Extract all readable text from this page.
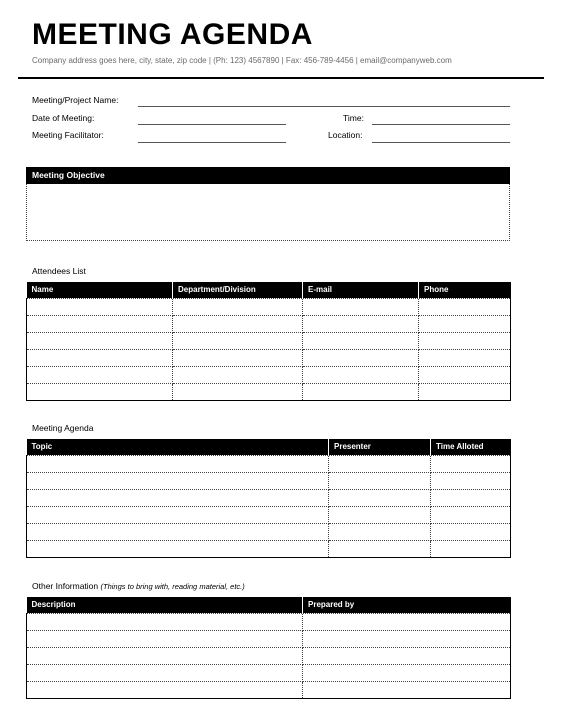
MEETING AGENDA
Company address goes here, city, state, zip code | (Ph: 123) 4567890 | Fax: 456-789-4456 | email@companyweb.com
Meeting/Project Name:
Date of Meeting:	Time:
Meeting Facilitator:	Location:
Meeting Objective
Attendees List
Name	Department/Division	E-mail	Phone

Meeting Agenda
Topic	Presenter	Time Alloted

Other Information (Things to bring with, reading material, etc.)
Description	Prepared by
